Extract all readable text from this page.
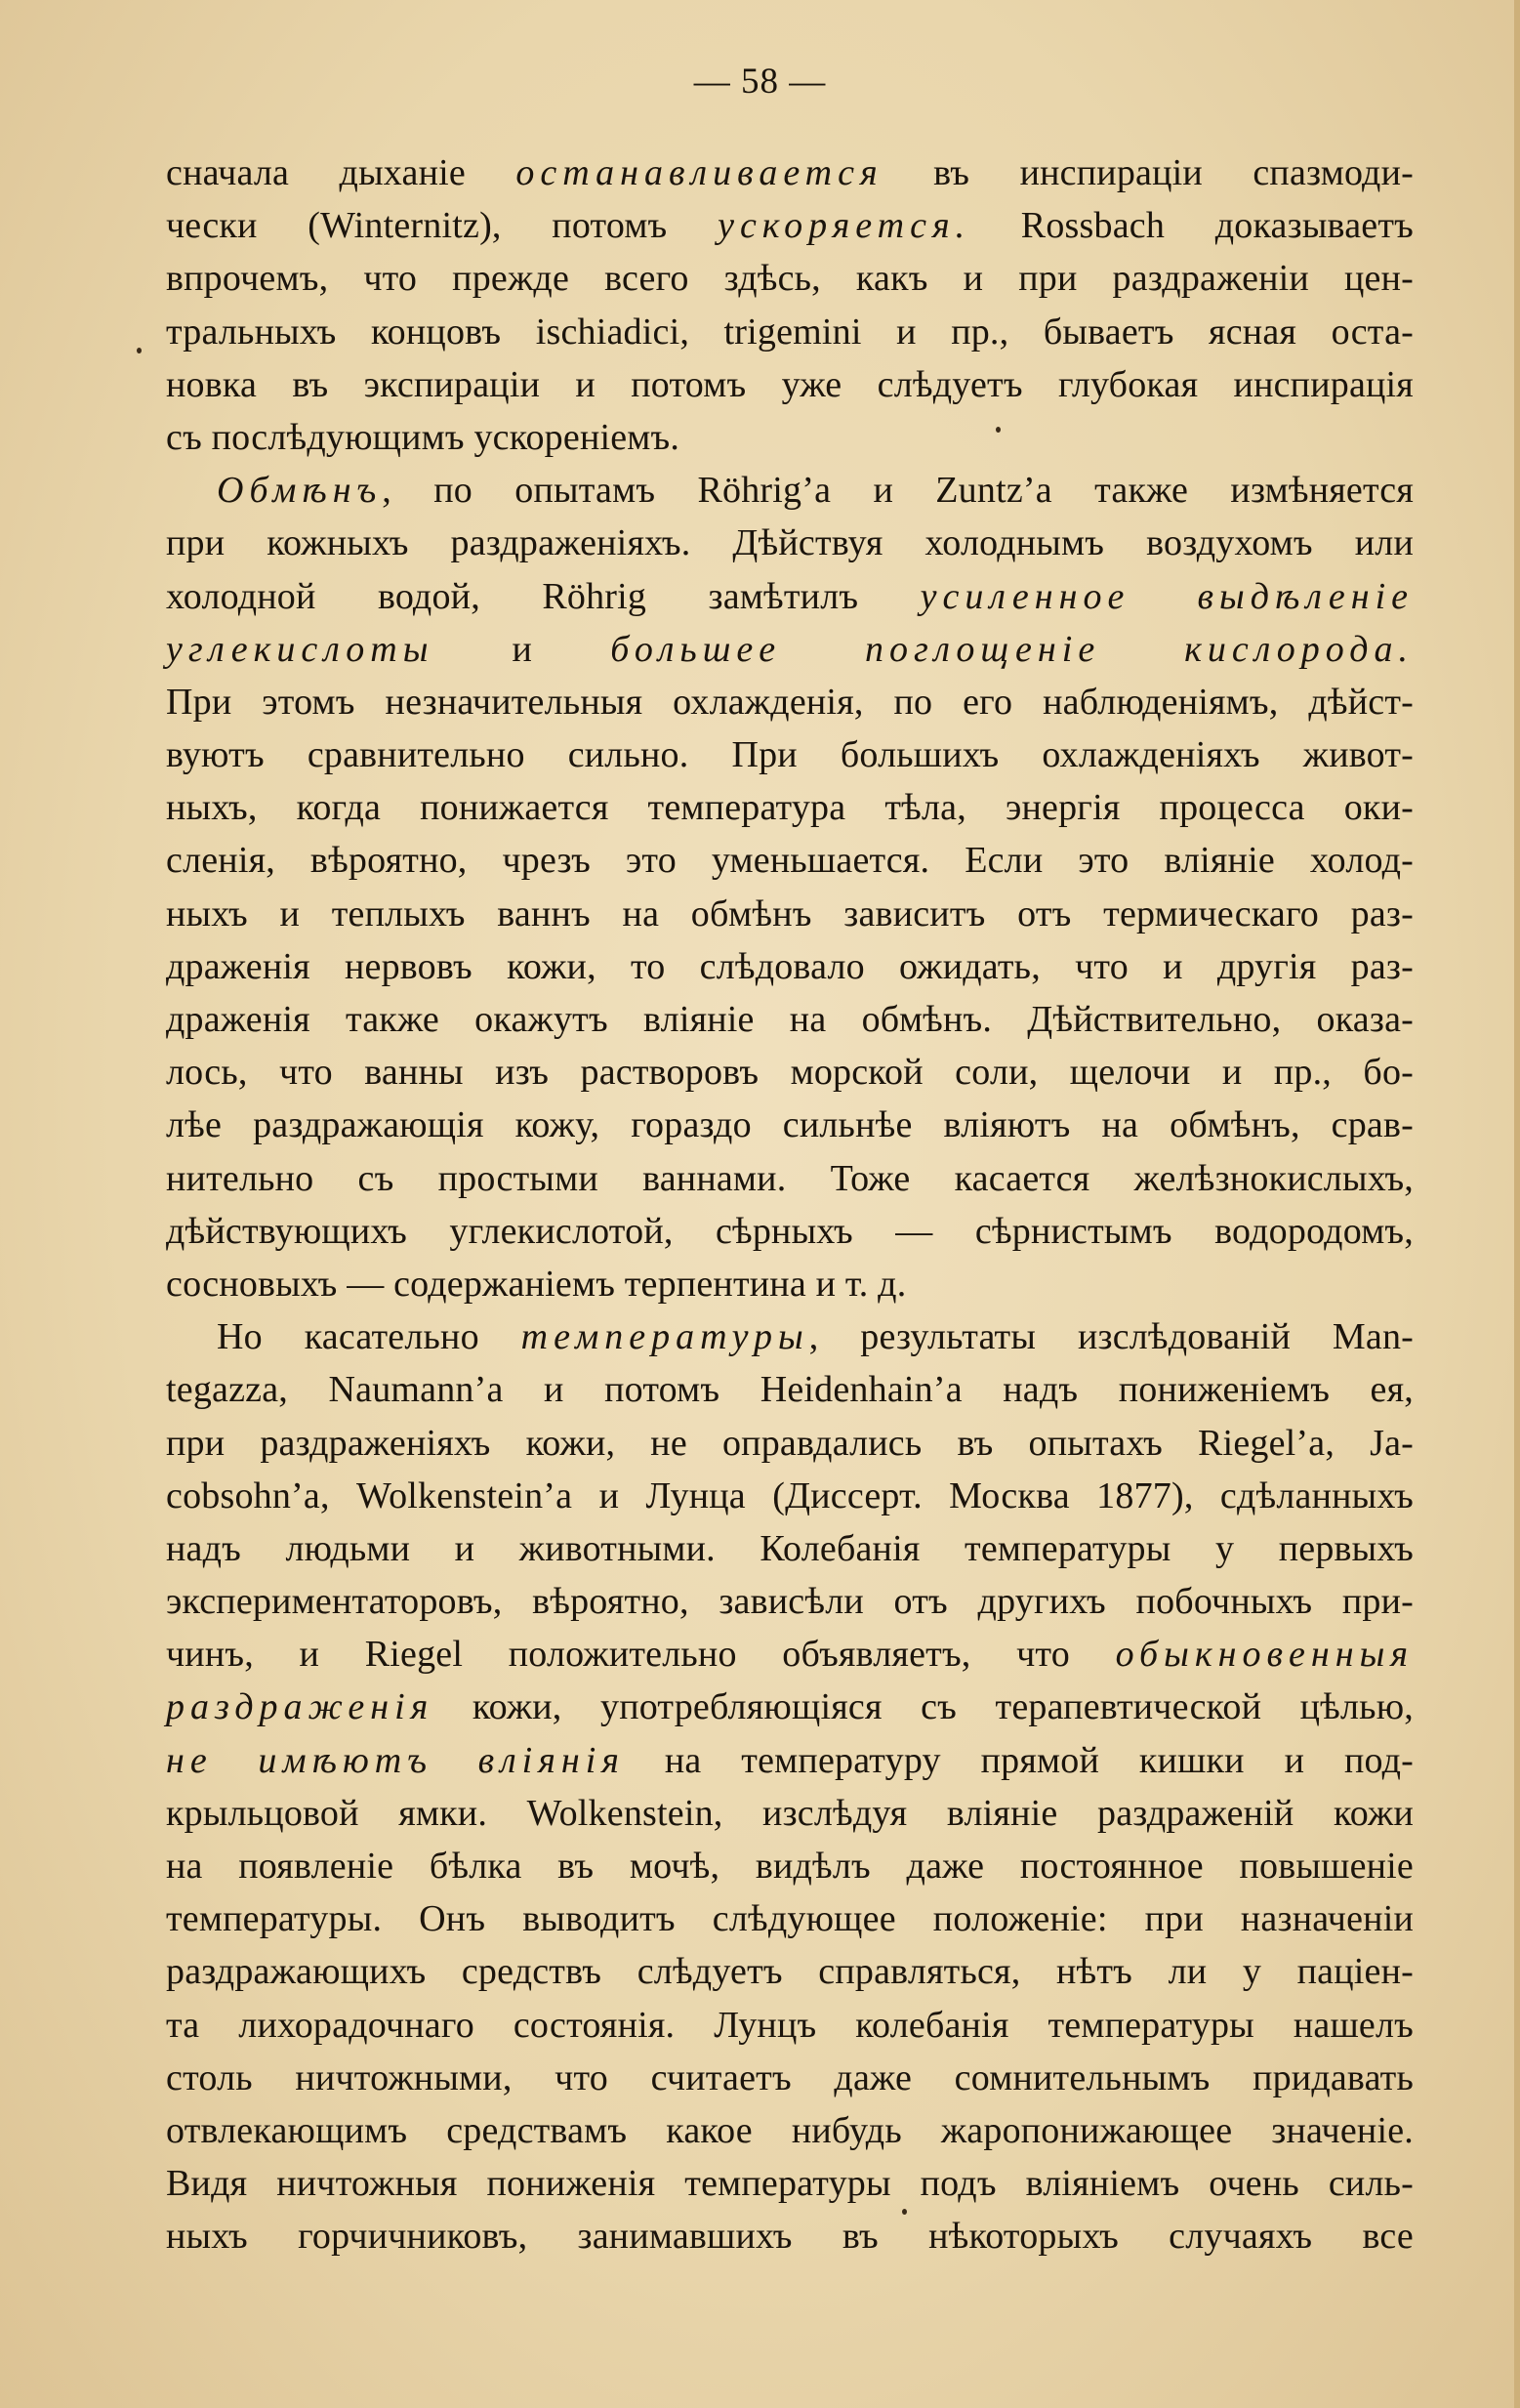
— 58 —
сначала дыханіе останавливается въ инспираціи спазмоди-
чески (Winternitz), потомъ ускоряется. Rossbach доказываетъ
впрочемъ, что прежде всего здѣсь, какъ и при раздраженіи цен-
тральныхъ концовъ ischiadici, trigemini и пр., бываетъ ясная оста-
новка въ экспираціи и потомъ уже слѣдуетъ глубокая инспирація
съ послѣдующимъ ускореніемъ.
Обмѣнъ, по опытамъ Röhrig’а и Zuntz’а также измѣняется
при кожныхъ раздраженіяхъ. Дѣйствуя холоднымъ воздухомъ или
холодной водой, Röhrig замѣтилъ усиленное выдѣленіе
углекислоты и большее поглощеніе кислорода.
При этомъ незначительныя охлажденія, по его наблюденіямъ, дѣйст-
вуютъ сравнительно сильно. При большихъ охлажденіяхъ живот-
ныхъ, когда понижается температура тѣла, энергія процесса оки-
сленія, вѣроятно, чрезъ это уменьшается. Если это вліяніе холод-
ныхъ и теплыхъ ваннъ на обмѣнъ зависитъ отъ термическаго раз-
драженія нервовъ кожи, то слѣдовало ожидать, что и другія раз-
драженія также окажутъ вліяніе на обмѣнъ. Дѣйствительно, оказа-
лось, что ванны изъ растворовъ морской соли, щелочи и пр., бо-
лѣе раздражающія кожу, гораздо сильнѣе вліяютъ на обмѣнъ, срав-
нительно съ простыми ваннами. Тоже касается желѣзнокислыхъ,
дѣйствующихъ углекислотой, сѣрныхъ — сѣрнистымъ водородомъ,
сосновыхъ — содержаніемъ терпентина и т. д.
Но касательно температуры, результаты изслѣдованій Man-
tegazza, Naumann’а и потомъ Heidenhain’а надъ пониженіемъ ея,
при раздраженіяхъ кожи, не оправдались въ опытахъ Riegel’а, Ja-
cobsohn’а, Wolkenstein’а и Лунца (Диссерт. Москва 1877), сдѣланныхъ
надъ людьми и животными. Колебанія температуры у первыхъ
экспериментаторовъ, вѣроятно, зависѣли отъ другихъ побочныхъ при-
чинъ, и Riegel положительно объявляетъ, что обыкновенныя
раздраженія кожи, употребляющіяся съ терапевтической цѣлью,
не имѣютъ вліянія на температуру прямой кишки и под-
крыльцовой ямки. Wolkenstein, изслѣдуя вліяніе раздраженій кожи
на появленіе бѣлка въ мочѣ, видѣлъ даже постоянное повышеніе
температуры. Онъ выводитъ слѣдующее положеніе: при назначеніи
раздражающихъ средствъ слѣдуетъ справляться, нѣтъ ли у паціен-
та лихорадочнаго состоянія. Лунцъ колебанія температуры нашелъ
столь ничтожными, что считаетъ даже сомнительнымъ придавать
отвлекающимъ средствамъ какое нибудь жаропонижающее значеніе.
Видя ничтожныя пониженія температуры подъ вліяніемъ очень силь-
ныхъ горчичниковъ, занимавшихъ въ нѣкоторыхъ случаяхъ все
